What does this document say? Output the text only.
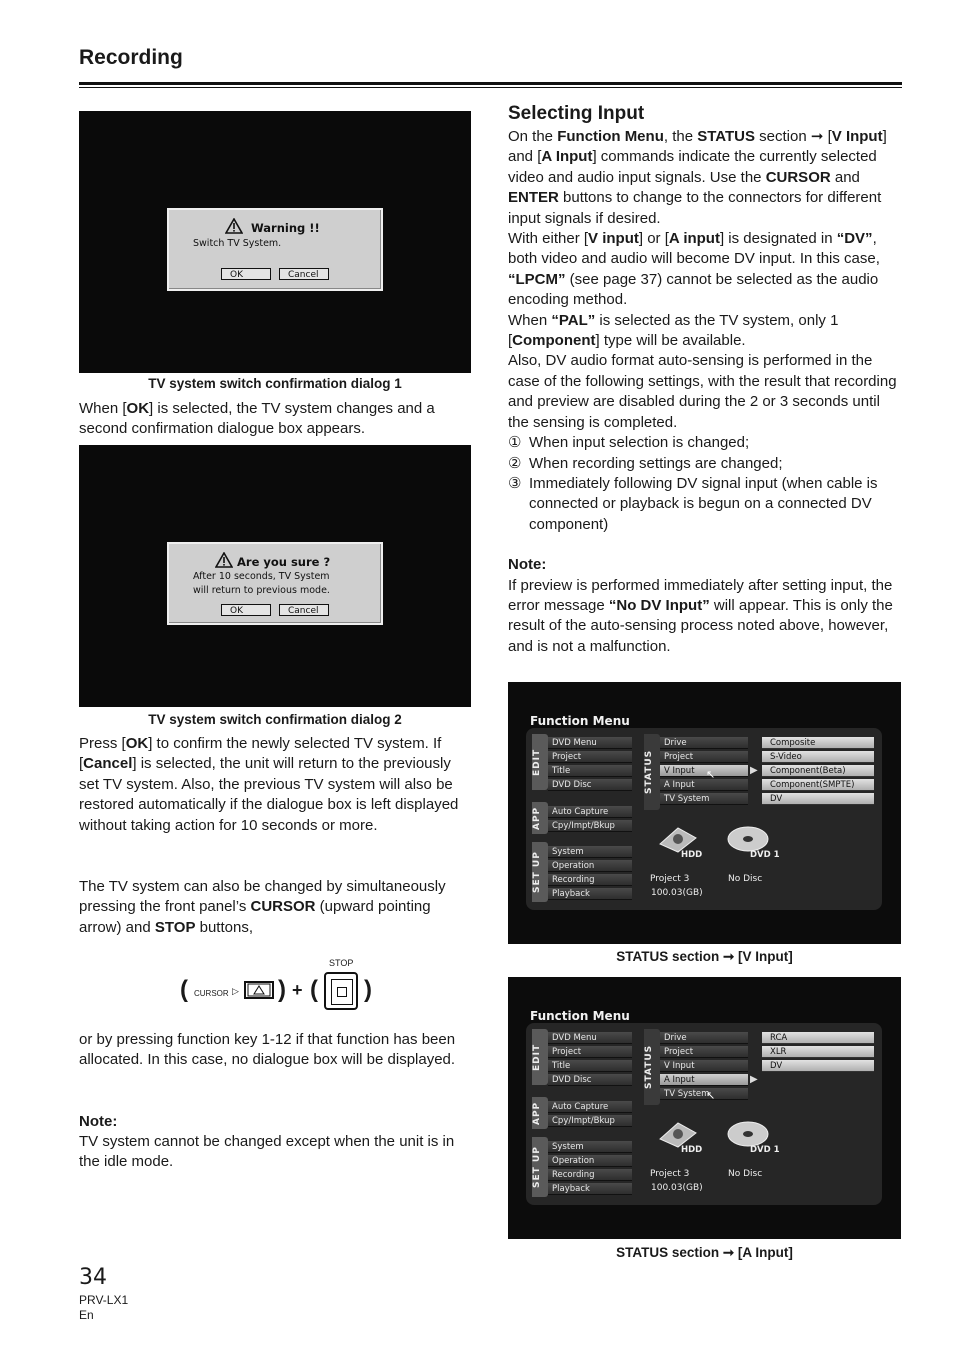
Recording
Warning !!
Switch TV System.
OK	Cancel
TV system switch confirmation dialog 1
When [OK] is selected, the TV system changes and a second confirmation dialogue box appears.
Are you sure ?
After 10 seconds, TV System
will return to previous mode.
OK	Cancel
TV system switch confirmation dialog 2
Press [OK] to confirm the newly selected TV system. If [Cancel] is selected, the unit will return to the previously set TV system. Also, the previous TV system will also be restored automatically if the dialogue box is left displayed without taking action for 10 seconds or more.
The TV system can also be changed by simultaneously pressing the front panel’s CURSOR (upward pointing arrow) and STOP buttons,
( CURSOR ▷ ) + (
STOP
)
or by pressing function key 1-12 if that function has been allocated. In this case, no dialogue box will be displayed.
Note:
TV system cannot be changed except when the unit is in the idle mode.
Selecting Input

On the Function Menu, the STATUS section ➞ [V Input] and [A Input] commands indicate the currently selected video and audio input signals. Use the CURSOR and ENTER buttons to change to the connectors for different input signals if desired.

With either [V input] or [A input] is designated in “DV”, both video and audio will become DV input. In this case, “LPCM” (see page 37) cannot be selected as the audio encoding method.

When “PAL” is selected as the TV system, only 1 [Component] type will be available.

Also, DV audio format auto-sensing is performed in the case of the following settings, with the result that recording and preview are disabled during the 2 or 3 seconds until the sensing is completed.

① When input selection is changed;
② When recording settings are changed;
③ Immediately following DV signal input (when cable is connected or playback is begun on a connected DV component)

Note:

If preview is performed immediately after setting input, the error message “No DV Input” will appear. This is only the result of the auto-sensing process noted above, however, and is not a malfunction.

Function Menu
EDIT
APP
SET UP
DVD Menu
Project
Title
DVD Disc
Auto Capture
Cpy/Impt/Bkup
System
Operation
Recording
Playback
STATUS
Drive
Project
V Input
A Input
TV System
▶
↖
Composite
S-Video
Component(Beta)
Component(SMPTE)
DV
HDD	DVD 1
Project 3
100.03(GB)
No Disc
STATUS section ➞ [V Input]
Function Menu
EDIT
APP
SET UP
DVD Menu
Project
Title
DVD Disc
Auto Capture
Cpy/Impt/Bkup
System
Operation
Recording
Playback
STATUS
Drive
Project
V Input
A Input
TV System
▶
↖
RCA
XLR
DV
HDD	DVD 1
Project 3
100.03(GB)
No Disc
STATUS section ➞ [A Input]
34
PRV-LX1
En
